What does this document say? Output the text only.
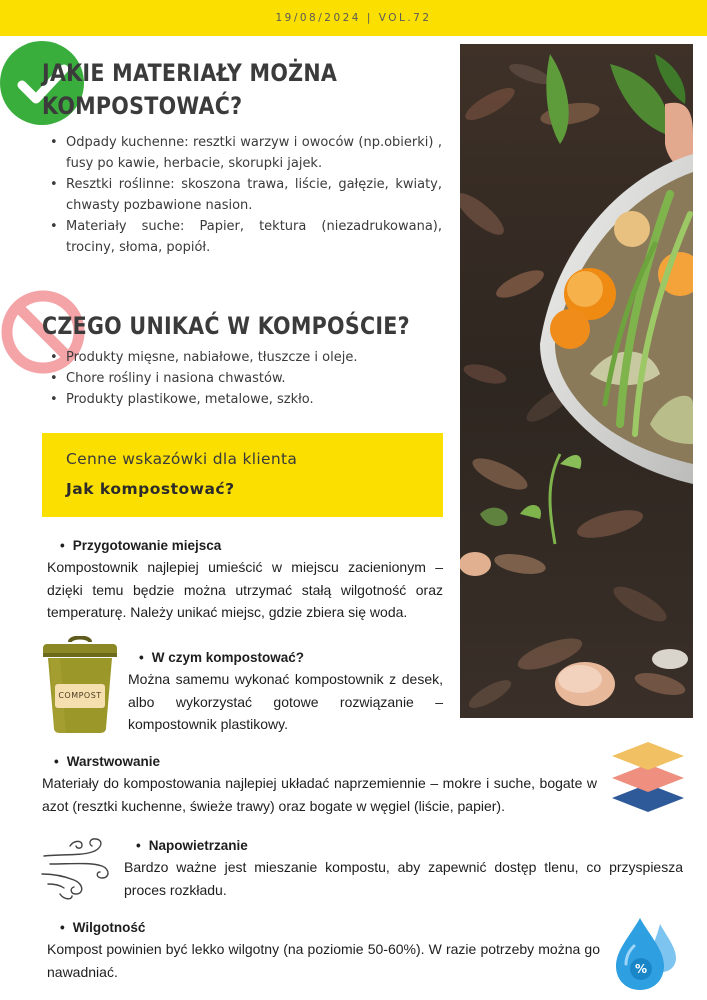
19/08/2024 | VOL.72
JAKIE MATERIAŁY MOŻNA
KOMPOSTOWAĆ?
• Odpady kuchenne: resztki warzyw i owoców (np.obierki) , fusy po kawie, herbacie, skorupki jajek.
• Resztki roślinne: skoszona trawa, liście, gałęzie, kwiaty, chwasty pozbawione nasion.
• Materiały suche: Papier, tektura (niezadrukowana), trociny, słoma, popiół.
CZEGO UNIKAĆ W KOMPOŚCIE?
• Produkty mięsne, nabiałowe, tłuszcze i oleje.
• Chore rośliny i nasiona chwastów.
• Produkty plastikowe, metalowe, szkło.
Cenne wskazówki dla klienta
Jak kompostować?
• Przygotowanie miejsca

Kompostownik najlepiej umieścić w miejscu zacienionym – dzięki temu będzie można utrzymać stałą wilgotność oraz temperaturę. Należy unikać miejsc, gdzie zbiera się woda.

COMPOST
• W czym kompostować?

Można samemu wykonać kompostownik z desek, albo wykorzystać gotowe rozwiązanie – kompostownik plastikowy.

• Warstwowanie

Materiały do kompostowania najlepiej układać naprzemiennie – mokre i suche, bogate w azot (resztki kuchenne, świeże trawy) oraz bogate w węgiel (liście, papier).

• Napowietrzanie

Bardzo ważne jest mieszanie kompostu, aby zapewnić dostęp tlenu, co przyspiesza proces rozkładu.

• Wilgotność

Kompost powinien być lekko wilgotny (na poziomie 50-60%). W razie potrzeby można go nawadniać.	%
